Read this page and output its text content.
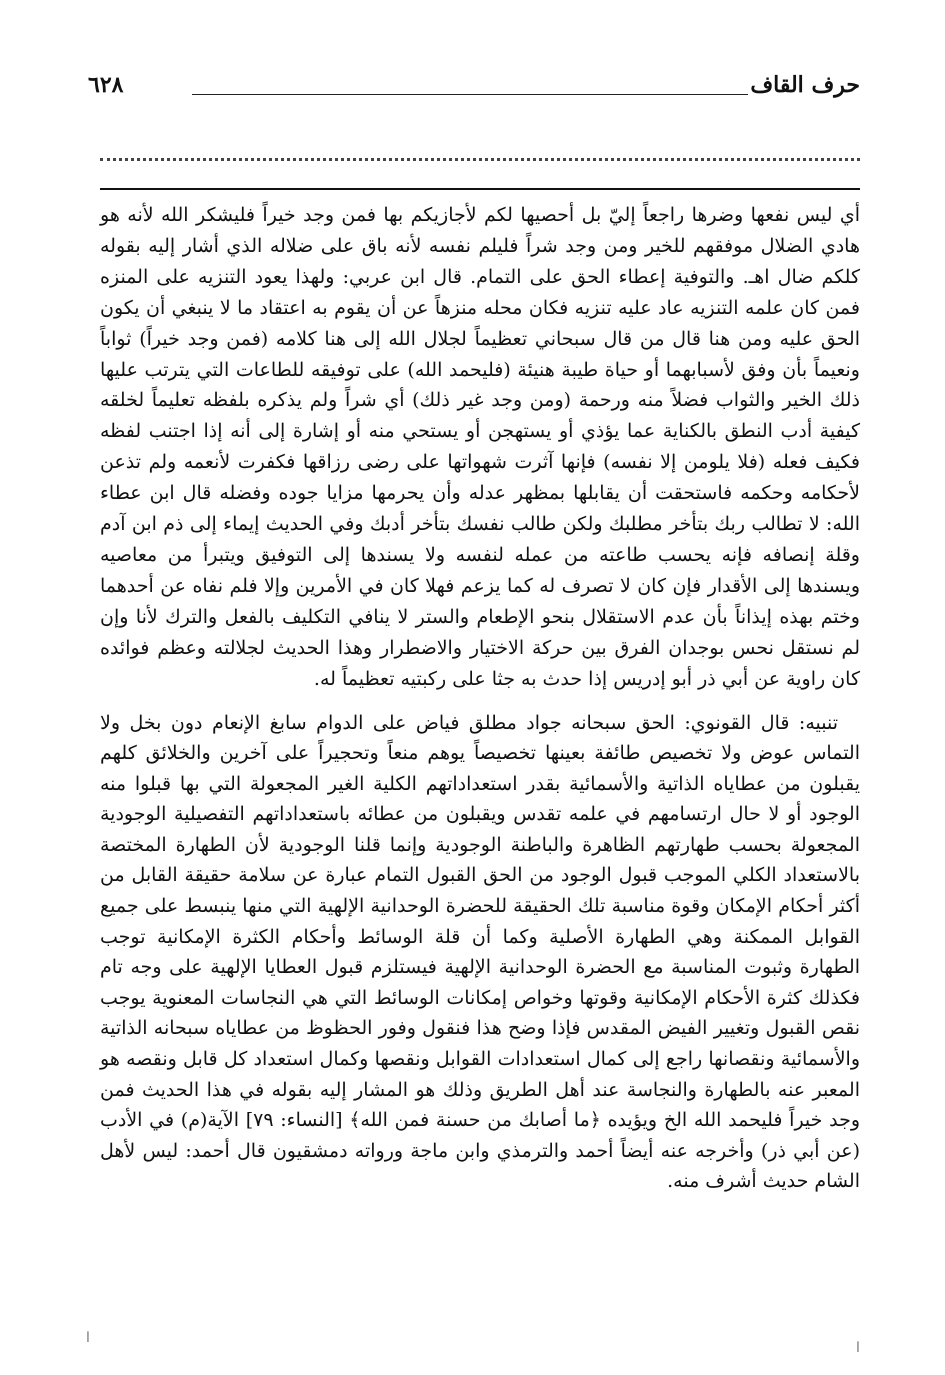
حرف القاف
٦٢٨

أي ليس نفعها وضرها راجعاً إليّ بل أحصيها لكم لأجازيكم بها فمن وجد خيراً فليشكر الله لأنه هو هادي الضلال موفقهم للخير ومن وجد شراً فليلم نفسه لأنه باق على ضلاله الذي أشار إليه بقوله كلكم ضال اهـ. والتوفية إعطاء الحق على التمام. قال ابن عربي: ولهذا يعود التنزيه على المنزه فمن كان علمه التنزيه عاد عليه تنزيه فكان محله منزهاً عن أن يقوم به اعتقاد ما لا ينبغي أن يكون الحق عليه ومن هنا قال من قال سبحاني تعظيماً لجلال الله إلى هنا كلامه (فمن وجد خيراً) ثواباً ونعيماً بأن وفق لأسبابهما أو حياة طيبة هنيئة (فليحمد الله) على توفيقه للطاعات التي يترتب عليها ذلك الخير والثواب فضلاً منه ورحمة (ومن وجد غير ذلك) أي شراً ولم يذكره بلفظه تعليماً لخلقه كيفية أدب النطق بالكناية عما يؤذي أو يستهجن أو يستحي منه أو إشارة إلى أنه إذا اجتنب لفظه فكيف فعله (فلا يلومن إلا نفسه) فإنها آثرت شهواتها على رضى رزاقها فكفرت لأنعمه ولم تذعن لأحكامه وحكمه فاستحقت أن يقابلها بمظهر عدله وأن يحرمها مزايا جوده وفضله قال ابن عطاء الله: لا تطالب ربك بتأخر مطلبك ولكن طالب نفسك بتأخر أدبك وفي الحديث إيماء إلى ذم ابن آدم وقلة إنصافه فإنه يحسب طاعته من عمله لنفسه ولا يسندها إلى التوفيق ويتبرأ من معاصيه ويسندها إلى الأقدار فإن كان لا تصرف له كما يزعم فهلا كان في الأمرين وإلا فلم نفاه عن أحدهما وختم بهذه إيذاناً بأن عدم الاستقلال بنحو الإطعام والستر لا ينافي التكليف بالفعل والترك لأنا وإن لم نستقل نحس بوجدان الفرق بين حركة الاختيار والاضطرار وهذا الحديث لجلالته وعظم فوائده كان راوية عن أبي ذر أبو إدريس إذا حدث به جثا على ركبتيه تعظيماً له.

تنبيه: قال القونوي: الحق سبحانه جواد مطلق فياض على الدوام سابغ الإنعام دون بخل ولا التماس عوض ولا تخصيص طائفة بعينها تخصيصاً يوهم منعاً وتحجيراً على آخرين والخلائق كلهم يقبلون من عطاياه الذاتية والأسمائية بقدر استعداداتهم الكلية الغير المجعولة التي بها قبلوا منه الوجود أو لا حال ارتسامهم في علمه تقدس ويقبلون من عطائه باستعداداتهم التفصيلية الوجودية المجعولة بحسب طهارتهم الظاهرة والباطنة الوجودية وإنما قلنا الوجودية لأن الطهارة المختصة بالاستعداد الكلي الموجب قبول الوجود من الحق القبول التمام عبارة عن سلامة حقيقة القابل من أكثر أحكام الإمكان وقوة مناسبة تلك الحقيقة للحضرة الوحدانية الإلهية التي منها ينبسط على جميع القوابل الممكنة وهي الطهارة الأصلية وكما أن قلة الوسائط وأحكام الكثرة الإمكانية توجب الطهارة وثبوت المناسبة مع الحضرة الوحدانية الإلهية فيستلزم قبول العطايا الإلهية على وجه تام فكذلك كثرة الأحكام الإمكانية وقوتها وخواص إمكانات الوسائط التي هي النجاسات المعنوية يوجب نقص القبول وتغيير الفيض المقدس فإذا وضح هذا فنقول وفور الحظوظ من عطاياه سبحانه الذاتية والأسمائية ونقصانها راجع إلى كمال استعدادات القوابل ونقصها وكمال استعداد كل قابل ونقصه هو المعبر عنه بالطهارة والنجاسة عند أهل الطريق وذلك هو المشار إليه بقوله في هذا الحديث فمن وجد خيراً فليحمد الله الخ ويؤيده ﴿ما أصابك من حسنة فمن الله﴾ [النساء: ٧٩] الآية(م) في الأدب (عن أبي ذر) وأخرجه عنه أيضاً أحمد والترمذي وابن ماجة ورواته دمشقيون قال أحمد: ليس لأهل الشام حديث أشرف منه.

ا
ا
